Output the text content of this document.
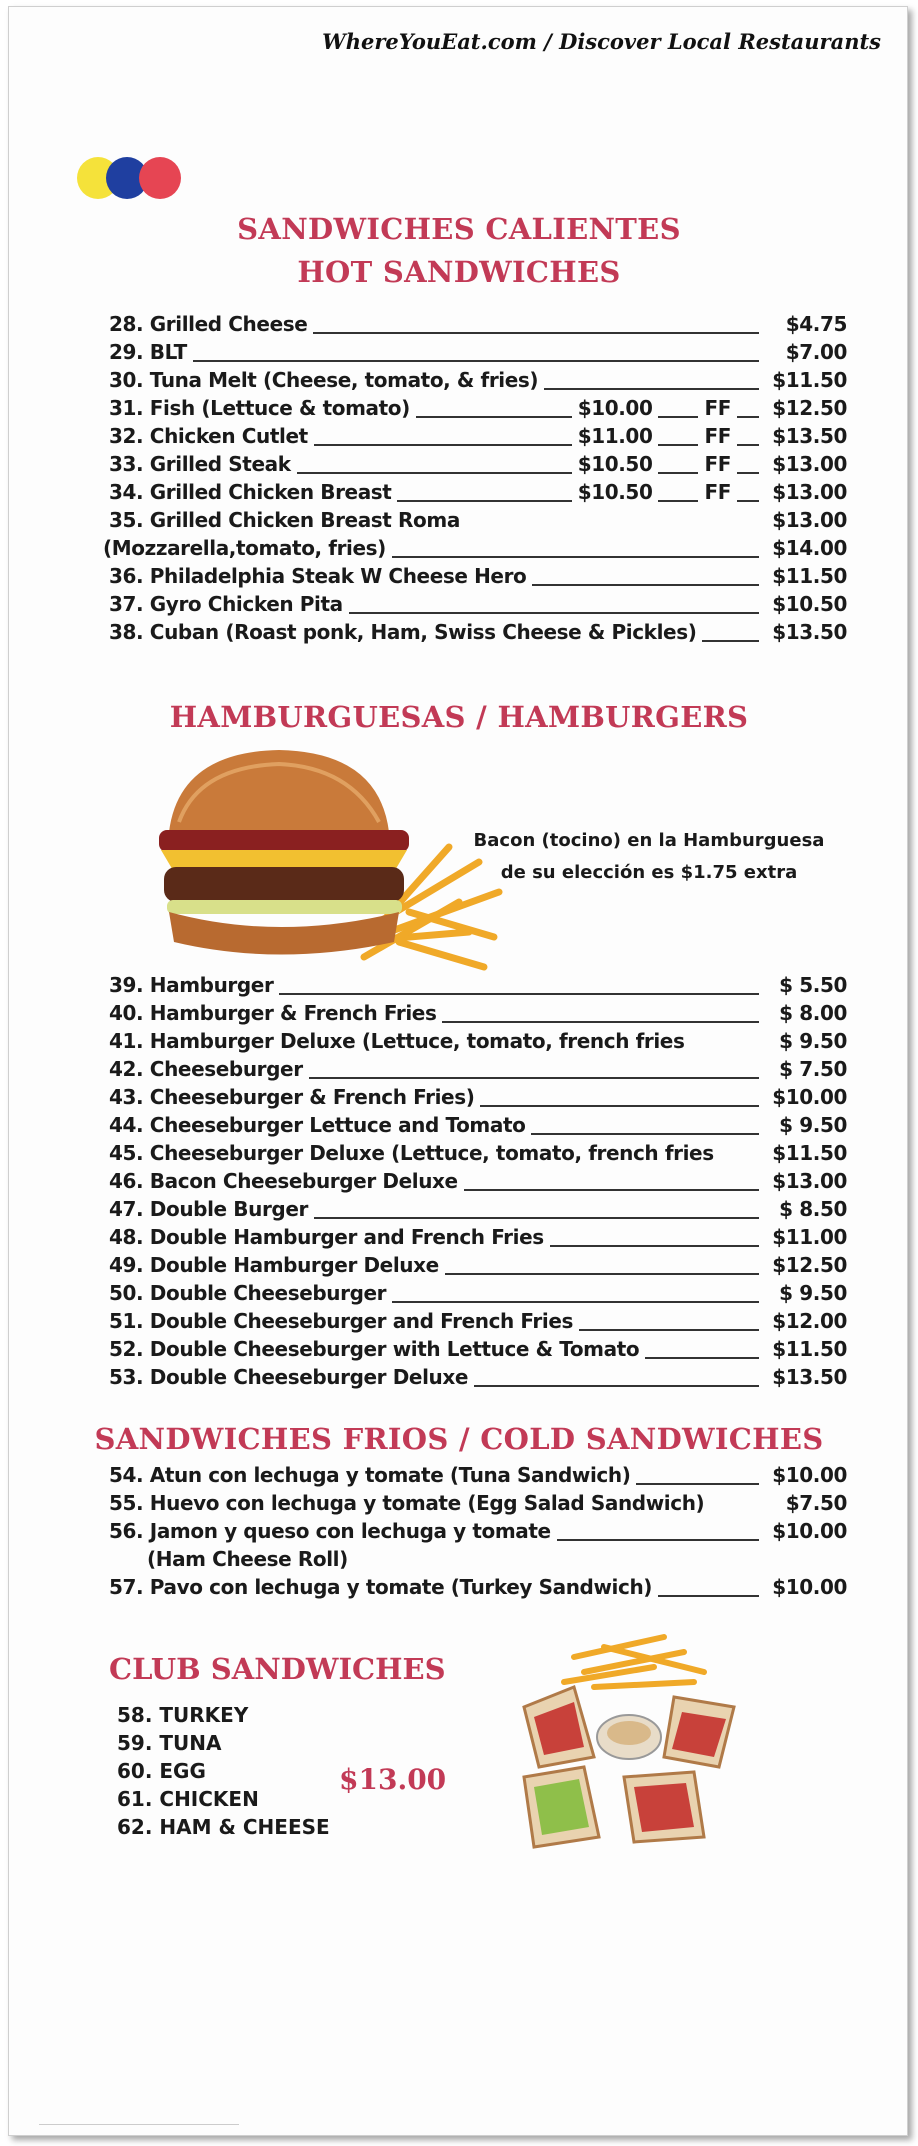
WhereYouEat.com / Discover Local Restaurants
SANDWICHES CALIENTES
HOT SANDWICHES
28. Grilled Cheese	$4.75
29. BLT	$7.00
30. Tuna Melt (Cheese, tomato, & fries)	$11.50
31. Fish (Lettuce & tomato)	$10.00	FF	$12.50
32. Chicken Cutlet	$11.00	FF	$13.50
33. Grilled Steak	$10.50	FF	$13.00
34. Grilled Chicken Breast	$10.50	FF	$13.00
35. Grilled Chicken Breast Roma	$13.00
(Mozzarella,tomato, fries)	$14.00
36. Philadelphia Steak W Cheese Hero	$11.50
37. Gyro Chicken Pita	$10.50
38. Cuban (Roast ponk, Ham, Swiss Cheese & Pickles)	$13.50
HAMBURGUESAS / HAMBURGERS
Bacon (tocino) en la Hamburguesa
de su elección es $1.75 extra
39. Hamburger	$ 5.50
40. Hamburger & French Fries	$ 8.00
41. Hamburger Deluxe (Lettuce, tomato, french fries	$ 9.50
42. Cheeseburger	$ 7.50
43. Cheeseburger & French Fries)	$10.00
44. Cheeseburger Lettuce and Tomato	$ 9.50
45. Cheeseburger Deluxe (Lettuce, tomato, french fries	$11.50
46. Bacon Cheeseburger Deluxe	$13.00
47. Double Burger	$ 8.50
48. Double Hamburger and French Fries	$11.00
49. Double Hamburger Deluxe	$12.50
50. Double Cheeseburger	$ 9.50
51. Double Cheeseburger and French Fries	$12.00
52. Double Cheeseburger with Lettuce & Tomato	$11.50
53. Double Cheeseburger Deluxe	$13.50
SANDWICHES FRIOS / COLD SANDWICHES
54. Atun con lechuga y tomate (Tuna Sandwich)	$10.00
55. Huevo con lechuga y tomate (Egg Salad Sandwich)	$7.50
56. Jamon y queso con lechuga y tomate	$10.00
(Ham Cheese Roll)
57. Pavo con lechuga y tomate (Turkey Sandwich)	$10.00
CLUB SANDWICHES
58. TURKEY
59. TUNA
60. EGG
61. CHICKEN
62. HAM & CHEESE
$13.00
